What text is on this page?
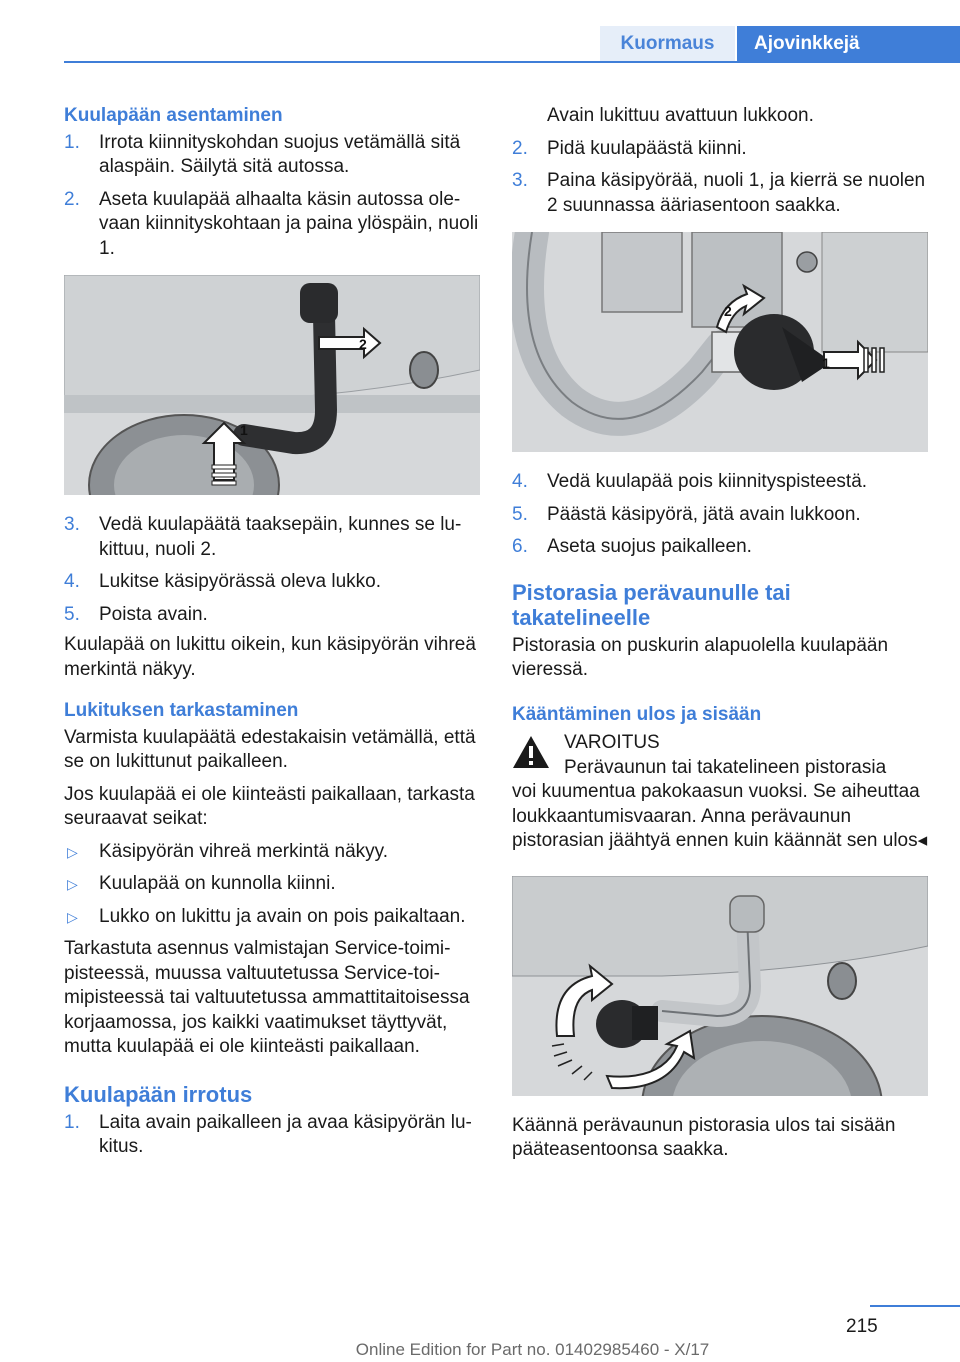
Kuormaus	Ajovinkkejä
Kuulapään asentaminen
1. Irrota kiinnityskohdan suojus vetämällä sitä alaspäin. Säilytä sitä autossa.
2. Aseta kuulapää alhaalta käsin autossa olevaan kiinnityskohtaan ja paina ylöspäin, nuoli 1.
2
1
3. Vedä kuulapäätä taaksepäin, kunnes se lukittuu, nuoli 2.
4. Lukitse käsipyörässä oleva lukko.
5. Poista avain.
Kuulapää on lukittu oikein, kun käsipyörän vihreä merkintä näkyy.
Lukituksen tarkastaminen
Varmista kuulapäätä edestakaisin vetämällä, että se on lukittunut paikalleen.
Jos kuulapää ei ole kiinteästi paikallaan, tarkasta seuraavat seikat:
▷ Käsipyörän vihreä merkintä näkyy.
▷ Kuulapää on kunnolla kiinni.
▷ Lukko on lukittu ja avain on pois paikaltaan.
Tarkastuta asennus valmistajan Service-toimipisteessä, muussa valtuutetussa Service-toimipisteessä tai valtuutetussa ammattitaitoisessa korjaamossa, jos kaikki vaatimukset täyttyvät, mutta kuulapää ei ole kiinteästi paikallaan.
Kuulapään irrotus
1. Laita avain paikalleen ja avaa käsipyörän lukitus.
Avain lukittuu avattuun lukkoon.
2. Pidä kuulapäästä kiinni.
3. Paina käsipyörää, nuoli 1, ja kierrä se nuolen 2 suunnassa ääriasentoon saakka.
1
2
4. Vedä kuulapää pois kiinnityspisteestä.
5. Päästä käsipyörä, jätä avain lukkoon.
6. Aseta suojus paikalleen.
Pistorasia perävaunulle tai takatelineelle
Pistorasia on puskurin alapuolella kuulapään vieressä.
Kääntäminen ulos ja sisään
VAROITUS
Perävaunun tai takatelineen pistorasia
voi kuumentua pakokaasun vuoksi. Se aiheuttaa loukkaantumisvaaran. Anna perävaunun pistorasian jäähtyä ennen kuin käännät sen ulos◂
Käännä perävaunun pistorasia ulos tai sisään pääteasentoonsa saakka.
215
Online Edition for Part no. 01402985460 - X/17
